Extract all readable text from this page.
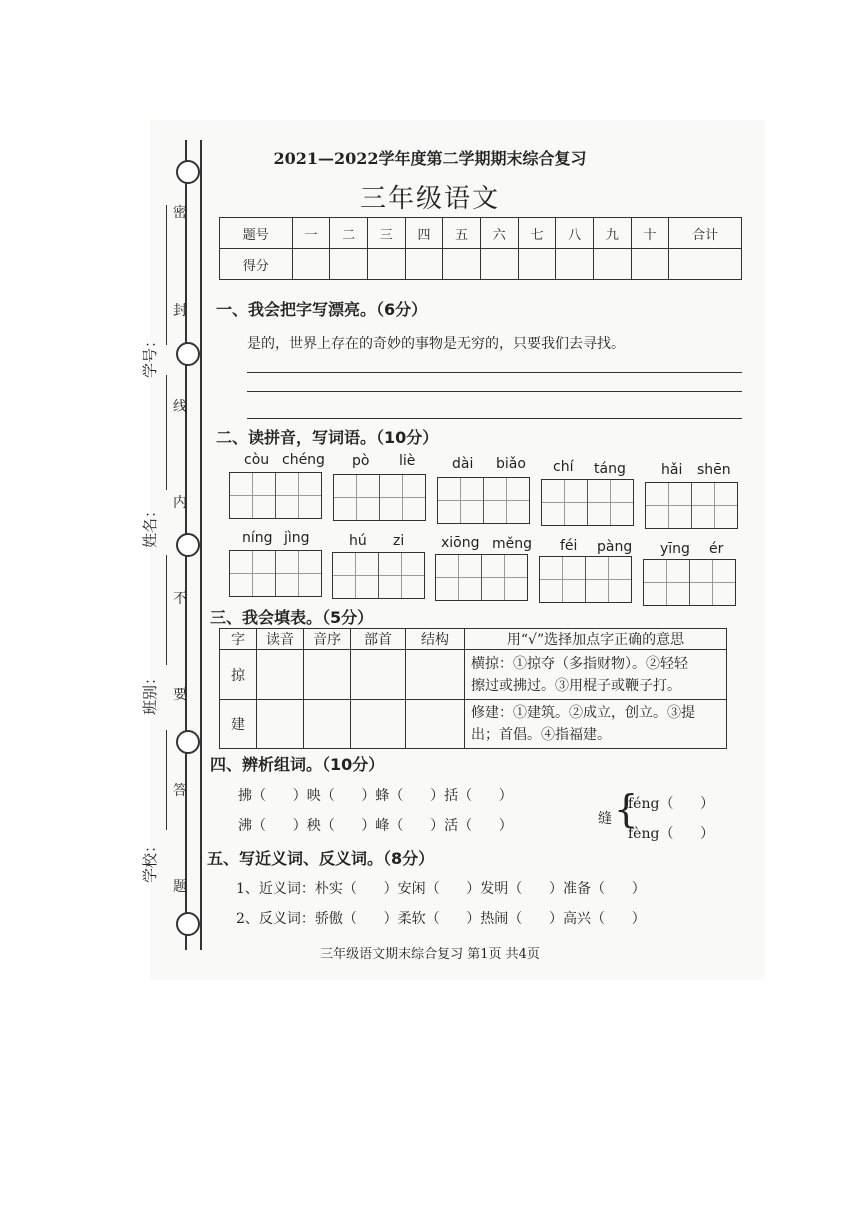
密
封
线
内
不
要
答
题
学号：
姓名：
班别：
学校：
2021—2022学年度第二学期期末综合复习
三年级语文
题号	一	二	三	四	五	六	七	八	九	十	合计
得分											
一、我会把字写漂亮。（6分）
是的，世界上存在的奇妙的事物是无穷的，只要我们去寻找。
二、读拼音，写词语。（10分）
còu chéng pò liè	dài biǎo chí táng	hǎi shēn
níng jìng	hú zi	xiōng měng féi pàng yīng ér
三、我会填表。（5分）
字	读音	音序	部首	结构	用“√”选择加点字正确的意思
掠					横掠：①掠夺（多指财物）。②轻轻
擦过或拂过。③用棍子或鞭子打。

建					修建：①建筑。②成立，创立。③提
出；首倡。④指福建。
四、辨析组词。（10分）
拂（      ）映（      ）蜂（      ）括（      ）
沸（      ）秧（      ）峰（      ）活（      ）	缝 {
féng（      ）
fèng（      ）
五、写近义词、反义词。（8分）
1、近义词：朴实（      ）安闲（      ）发明（      ）准备（      ）
2、反义词：骄傲（      ）柔软（      ）热闹（      ）高兴（      ）
三年级语文期末综合复习 第1页 共4页
